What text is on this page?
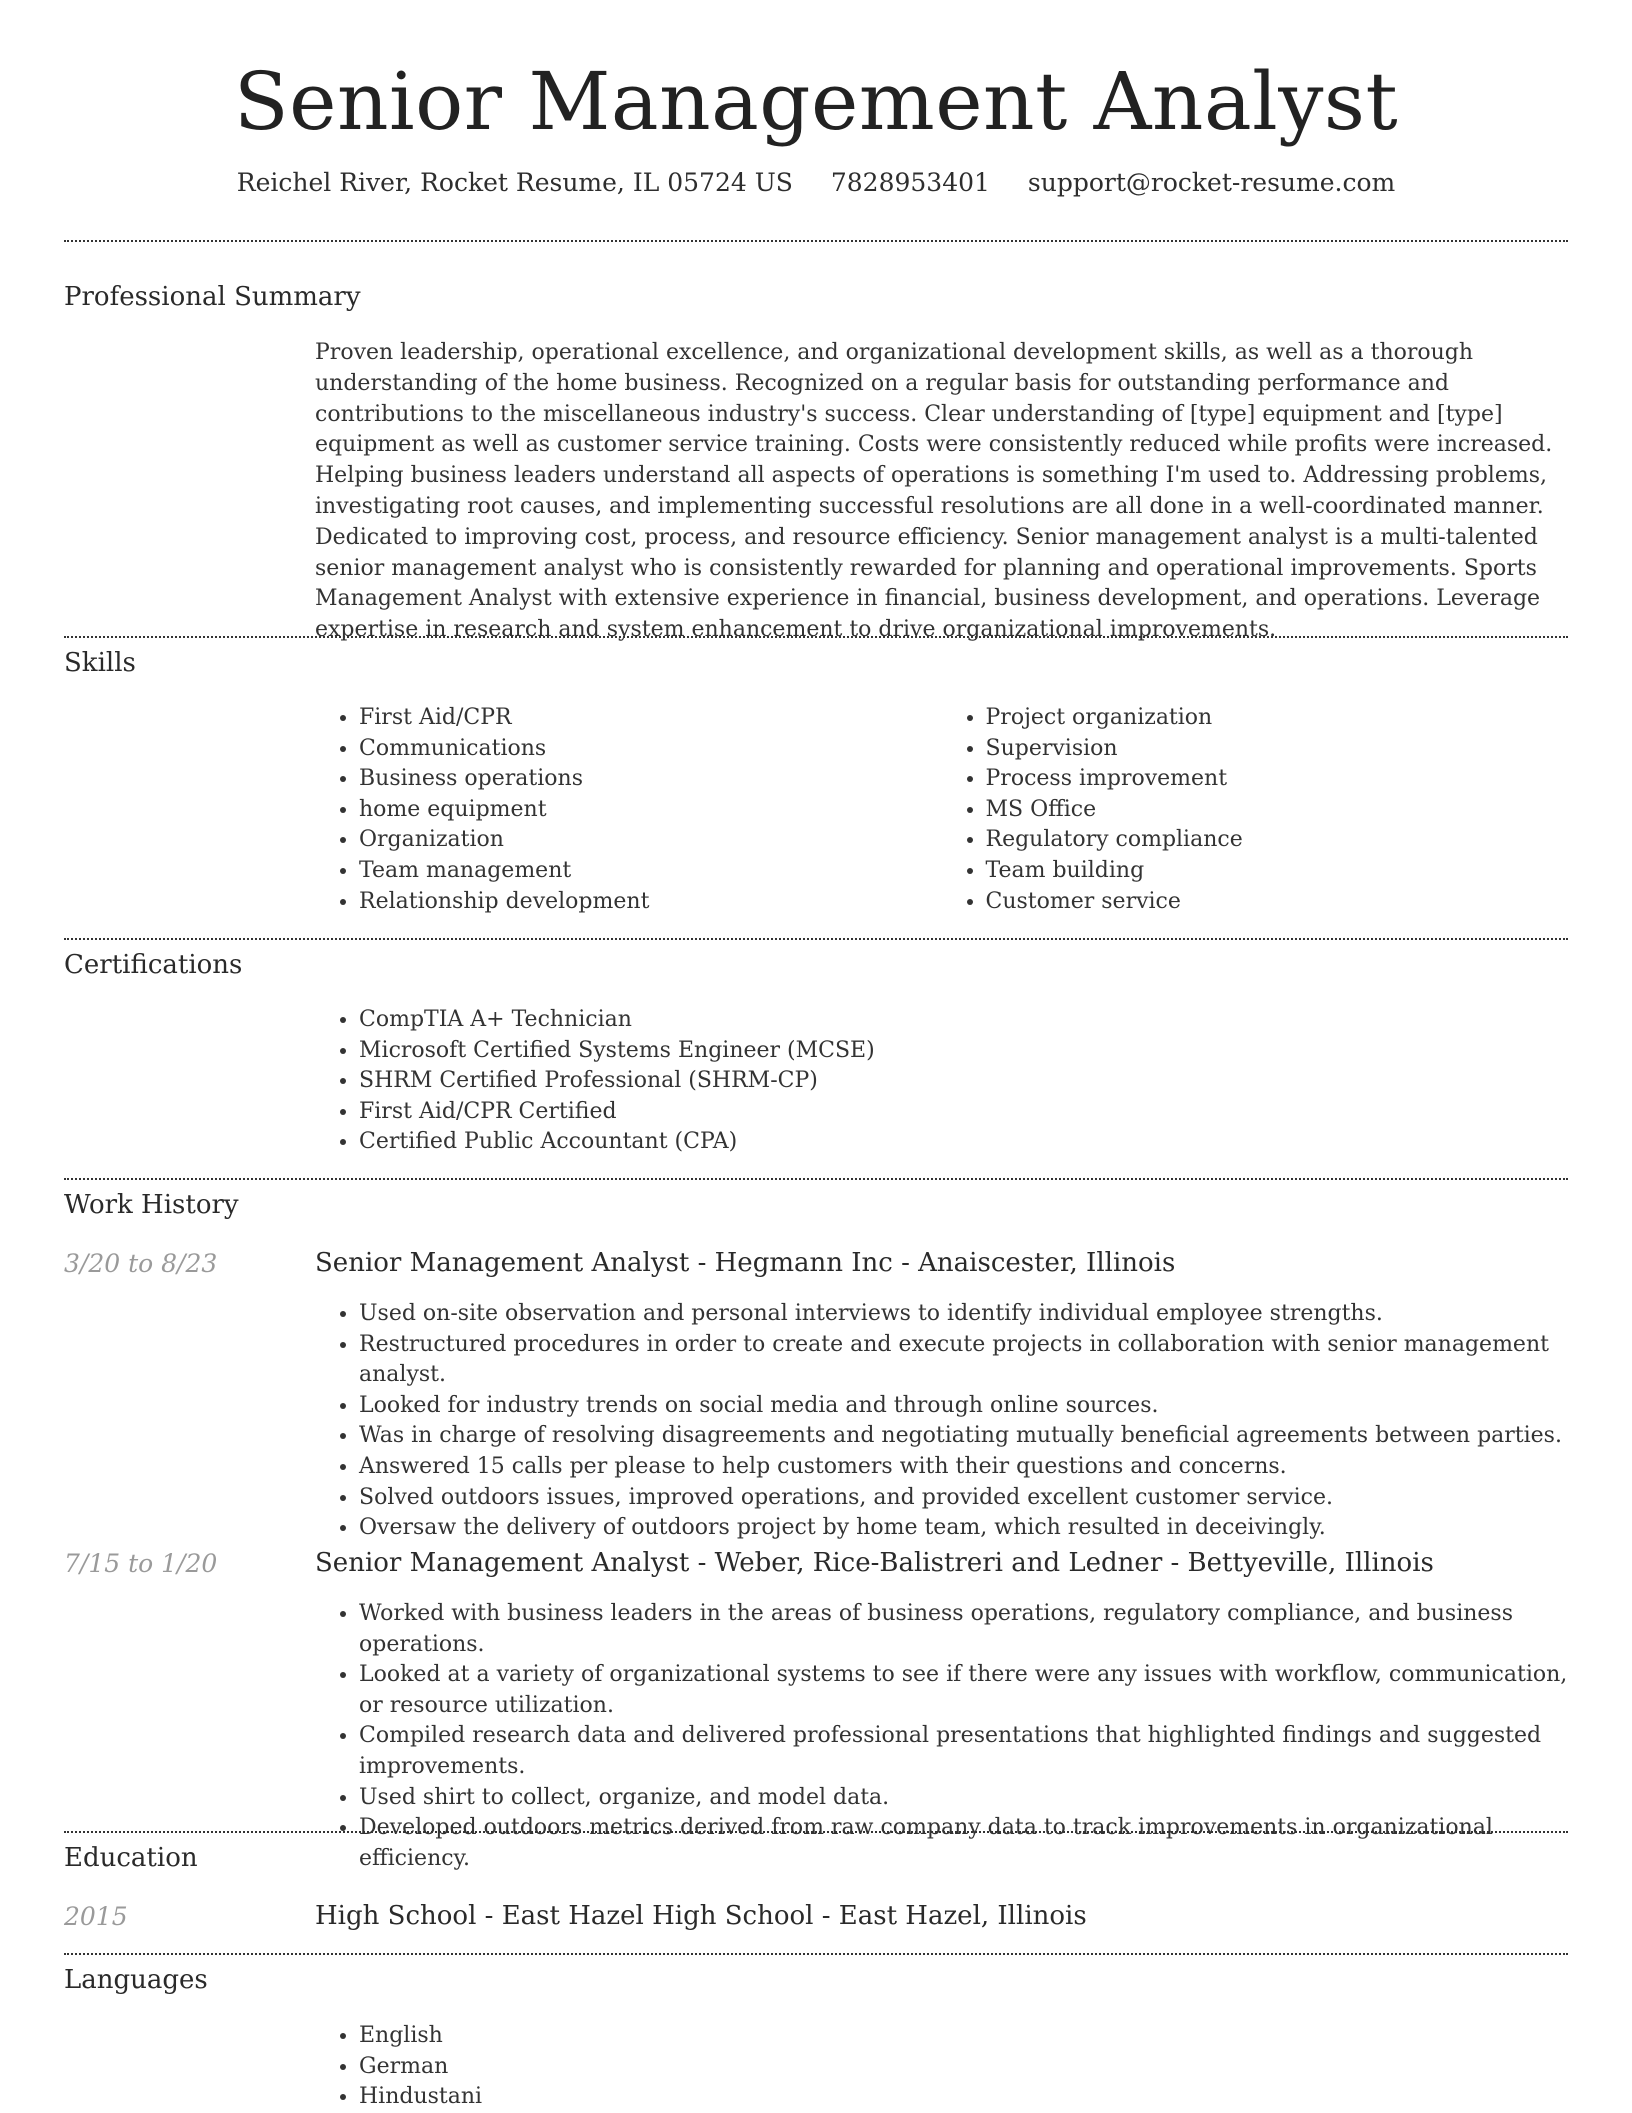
Senior Management Analyst
Reichel River, Rocket Resume, IL 05724 US 7828953401 support@rocket-resume.com
Professional Summary
Proven leadership, operational excellence, and organizational development skills, as well as a thorough understanding of the home business. Recognized on a regular basis for outstanding performance and contributions to the miscellaneous industry's success. Clear understanding of [type] equipment and [type] equipment as well as customer service training. Costs were consistently reduced while profits were increased. Helping business leaders understand all aspects of operations is something I'm used to. Addressing problems, investigating root causes, and implementing successful resolutions are all done in a well-coordinated manner. Dedicated to improving cost, process, and resource efficiency. Senior management analyst is a multi-talented senior management analyst who is consistently rewarded for planning and operational improvements. Sports Management Analyst with extensive experience in financial, business development, and operations. Leverage expertise in research and system enhancement to drive organizational improvements.
Skills
• First Aid/CPR
• Communications
• Business operations
• home equipment
• Organization
• Team management
• Relationship development
• Project organization
• Supervision
• Process improvement
• MS Office
• Regulatory compliance
• Team building
• Customer service
Certifications
• CompTIA A+ Technician
• Microsoft Certified Systems Engineer (MCSE)
• SHRM Certified Professional (SHRM-CP)
• First Aid/CPR Certified
• Certified Public Accountant (CPA)
Work History
3/20 to 8/23	Senior Management Analyst - Hegmann Inc - Anaiscester, Illinois
• Used on-site observation and personal interviews to identify individual employee strengths.
• Restructured procedures in order to create and execute projects in collaboration with senior management analyst.
• Looked for industry trends on social media and through online sources.
• Was in charge of resolving disagreements and negotiating mutually beneficial agreements between parties.
• Answered 15 calls per please to help customers with their questions and concerns.
• Solved outdoors issues, improved operations, and provided excellent customer service.
• Oversaw the delivery of outdoors project by home team, which resulted in deceivingly.
7/15 to 1/20	Senior Management Analyst - Weber, Rice-Balistreri and Ledner - Bettyeville, Illinois
• Worked with business leaders in the areas of business operations, regulatory compliance, and business operations.
• Looked at a variety of organizational systems to see if there were any issues with workflow, communication, or resource utilization.
• Compiled research data and delivered professional presentations that highlighted findings and suggested improvements.
• Used shirt to collect, organize, and model data.
• Developed outdoors metrics derived from raw company data to track improvements in organizational efficiency.
Education
2015	High School - East Hazel High School - East Hazel, Illinois
Languages
• English
• German
• Hindustani
